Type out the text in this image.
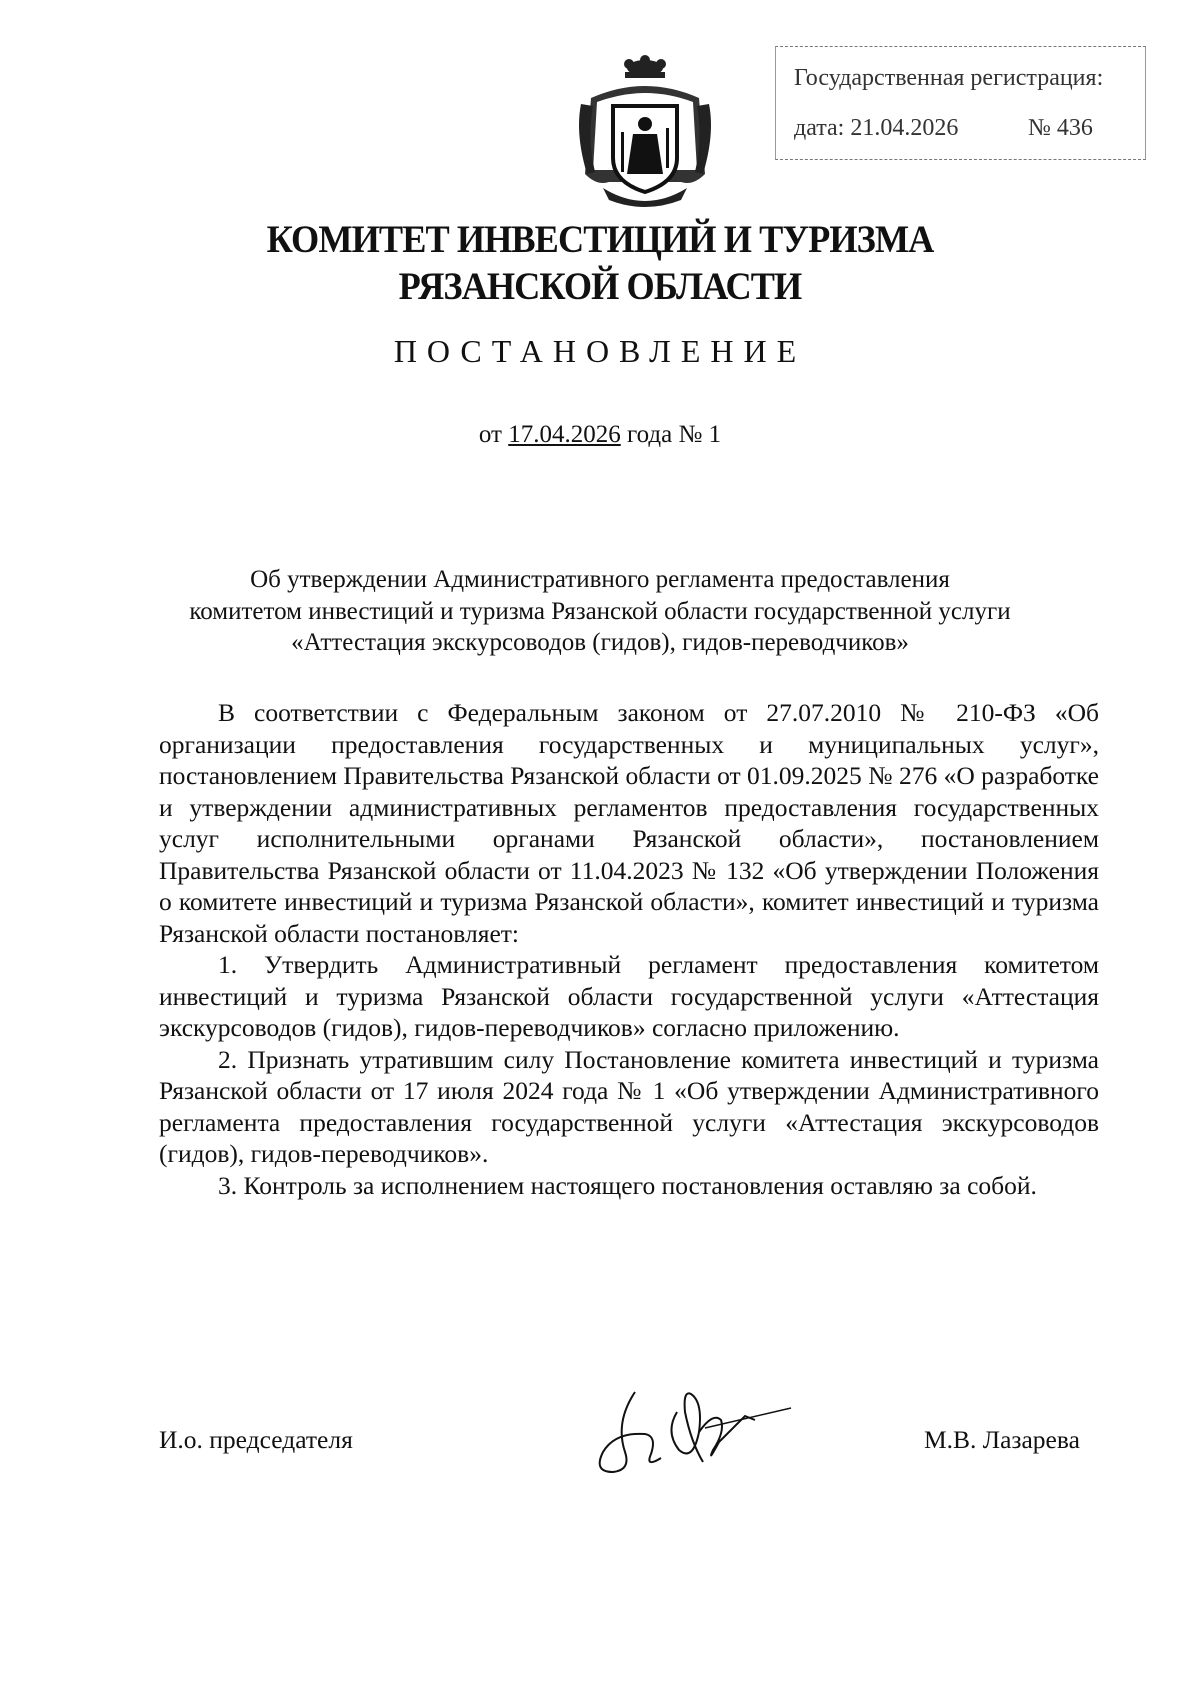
Государственная регистрация:
дата: 21.04.2026	№ 436
КОМИТЕТ ИНВЕСТИЦИЙ И ТУРИЗМА
РЯЗАНСКОЙ ОБЛАСТИ
ПОСТАНОВЛЕНИЕ
от 17.04.2026 года № 1
Об утверждении Административного регламента предоставления
комитетом инвестиций и туризма Рязанской области государственной услуги
«Аттестация экскурсоводов (гидов), гидов-переводчиков»

В соответствии с Федеральным законом от 27.07.2010 № 210-ФЗ «Об организации предоставления государственных и муниципальных услуг», постановлением Правительства Рязанской области от 01.09.2025 № 276 «О разработке и утверждении административных регламентов предоставления государственных услуг исполнительными органами Рязанской области», постановлением Правительства Рязанской области от 11.04.2023 № 132 «Об утверждении Положения о комитете инвестиций и туризма Рязанской области», комитет инвестиций и туризма Рязанской области постановляет:

1. Утвердить Административный регламент предоставления комитетом инвестиций и туризма Рязанской области государственной услуги «Аттестация экскурсоводов (гидов), гидов-переводчиков» согласно приложению.

2. Признать утратившим силу Постановление комитета инвестиций и туризма Рязанской области от 17 июля 2024 года № 1 «Об утверждении Административного регламента предоставления государственной услуги «Аттестация экскурсоводов (гидов), гидов-переводчиков».

3. Контроль за исполнением настоящего постановления оставляю за собой.

И.о. председателя	М.В. Лазарева
